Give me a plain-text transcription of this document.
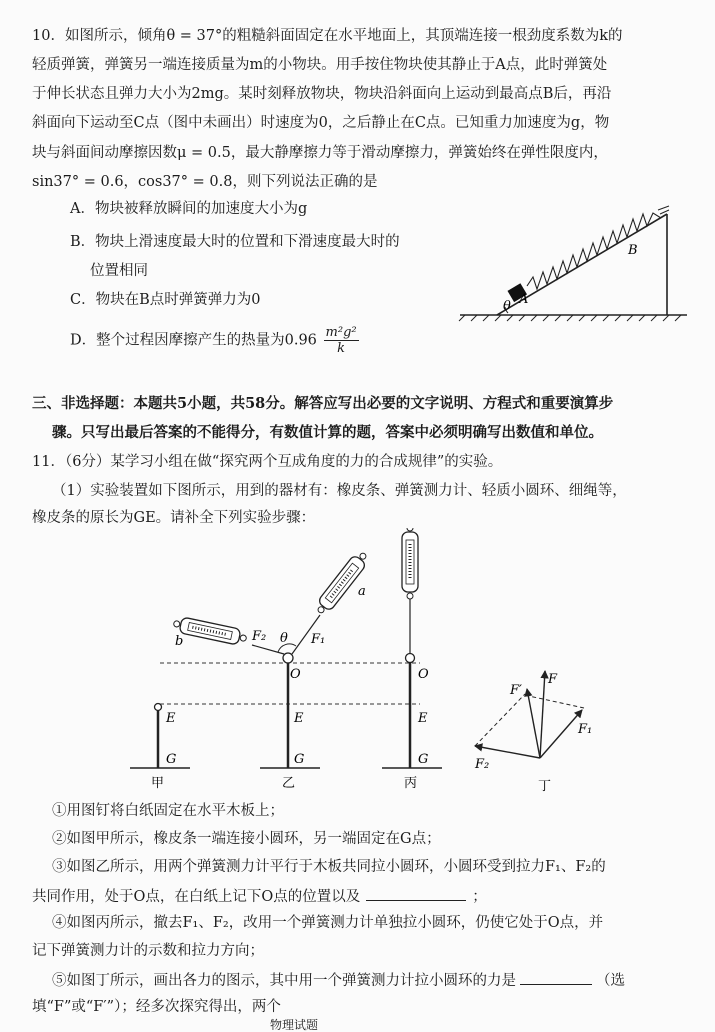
10．如图所示，倾角θ = 37°的粗糙斜面固定在水平地面上，其顶端连接一根劲度系数为k的
轻质弹簧，弹簧另一端连接质量为m的小物块。用手按住物块使其静止于A点，此时弹簧处
于伸长状态且弹力大小为2mg。某时刻释放物块，物块沿斜面向上运动到最高点B后，再沿
斜面向下运动至C点（图中未画出）时速度为0，之后静止在C点。已知重力加速度为g，物
块与斜面间动摩擦因数μ = 0.5，最大静摩擦力等于滑动摩擦力，弹簧始终在弹性限度内，
sin37° = 0.6，cos37° = 0.8，则下列说法正确的是
A．物块被释放瞬间的加速度大小为g
B．物块上滑速度最大时的位置和下滑速度最大时的
位置相同
C．物块在B点时弹簧弹力为0
D．整个过程因摩擦产生的热量为$0.96 \frac{\text{m²g²}}{k}$
θ A
B
三、非选择题：本题共5小题，共58分。解答应写出必要的文字说明、方程式和重要演算步
骤。只写出最后答案的不能得分，有数值计算的题，答案中必须明确写出数值和单位。
11．（6分）某学习小组在做“探究两个互成角度的力的合成规律”的实验。
（1）实验装置如下图所示，用到的器材有：橡皮条、弹簧测力计、轻质小圆环、细绳等，
橡皮条的原长为GE。请补全下列实验步骤：
E
G
甲
b
a
F₂	F₁
θ
O
E
G
乙
O
E
G
丙
F₁
F₂
F
F′
丁
①用图钉将白纸固定在水平木板上；
②如图甲所示，橡皮条一端连接小圆环，另一端固定在G点；
③如图乙所示，用两个弹簧测力计平行于木板共同拉小圆环，小圆环受到拉力F₁、F₂的
共同作用，处于O点，在白纸上记下O点的位置以及	；
④如图丙所示，撤去F₁、F₂，改用一个弹簧测力计单独拉小圆环，仍使它处于O点，并
记下弹簧测力计的示数和拉力方向；
⑤如图丁所示，画出各力的图示，其中用一个弹簧测力计拉小圆环的力是	（选
填“F”或“F′”）；经多次探究得出，两个
物理试题
